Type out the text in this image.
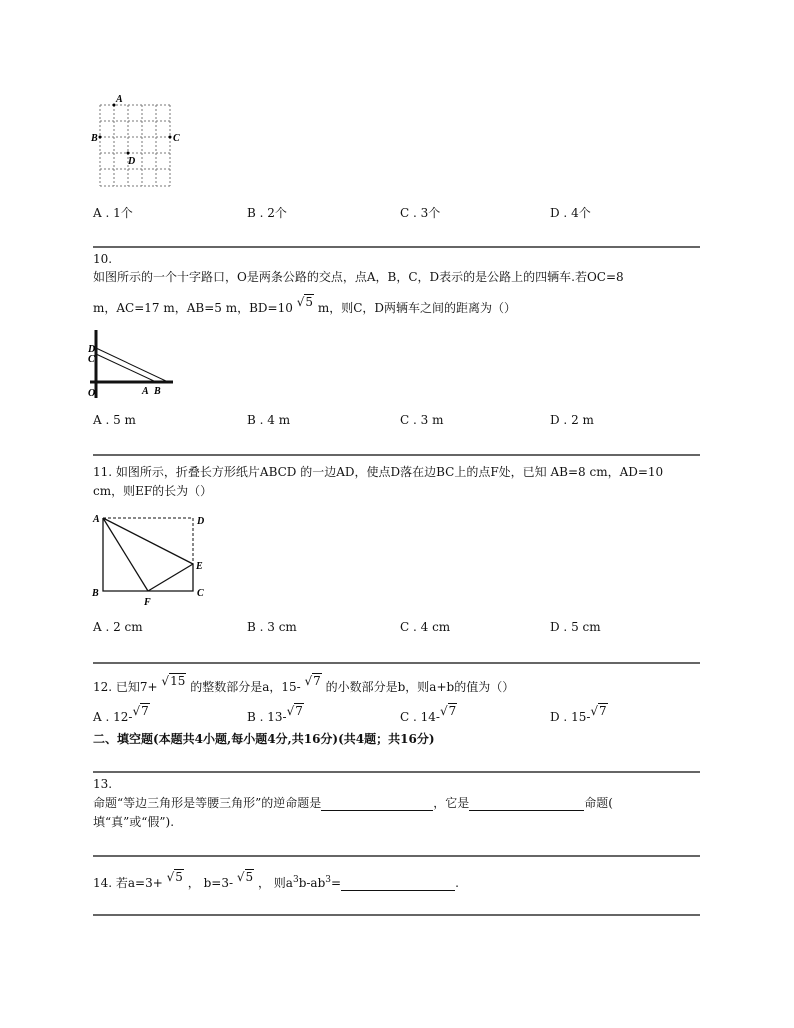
A
B	C
D
A . 1个	B . 2个	C . 3个	D . 4个
10.
如图所示的一个十字路口，O是两条公路的交点，点A，B，C，D表示的是公路上的四辆车.若OC=8
m，AC=17 m，AB=5 m，BD=10 √5 m，则C，D两辆车之间的距离为（）
D
C
O	A B
A . 5 m	B . 4 m	C . 3 m	D . 2 m
11. 如图所示，折叠长方形纸片ABCD 的一边AD，使点D落在边BC上的点F处，已知 AB=8 cm，AD=10
cm，则EF的长为（）
A	D
E
B
F
C
A . 2 cm	B . 3 cm	C . 4 cm	D . 5 cm
12. 已知7+ √15 的整数部分是a，15- √7 的小数部分是b，则a+b的值为（）
A . 12-√7	B . 13-√7	C . 14-√7	D . 15-√7
二、填空题(本题共4小题,每小题4分,共16分)(共4题；共16分)
13.
命题“等边三角形是等腰三角形”的逆命题是	，它是	命题(
填“真”或“假”).
14. 若a=3+ √5 ， b=3- √5 ， 则$a^3b-ab^3=$	.
